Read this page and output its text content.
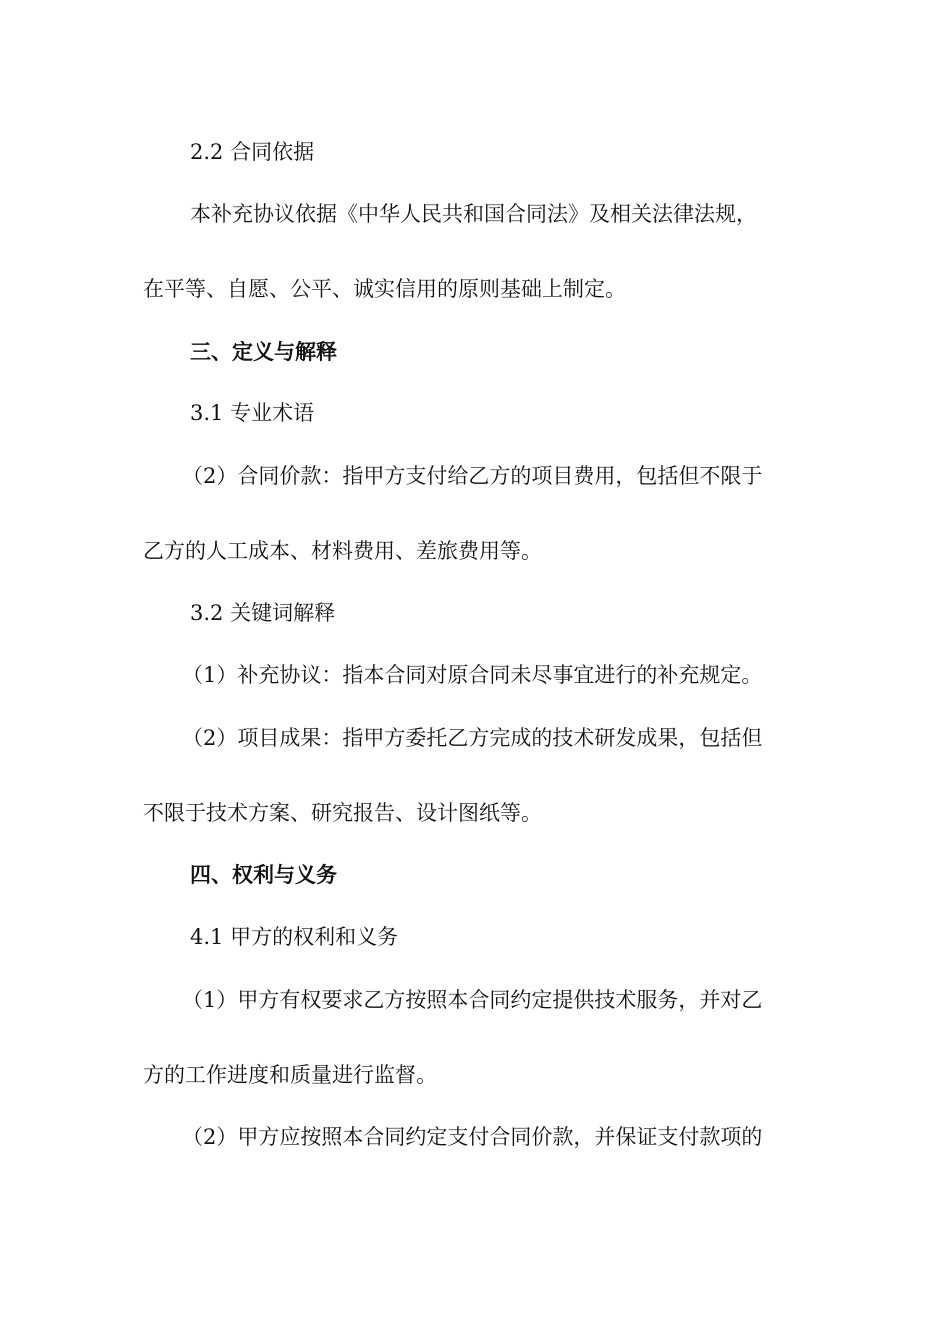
2.2 合同依据

本补充协议依据《中华人民共和国合同法》及相关法律法规，

在平等、自愿、公平、诚实信用的原则基础上制定。

三、定义与解释

3.1 专业术语

（2）合同价款：指甲方支付给乙方的项目费用，包括但不限于

乙方的人工成本、材料费用、差旅费用等。

3.2 关键词解释

（1）补充协议：指本合同对原合同未尽事宜进行的补充规定。

（2）项目成果：指甲方委托乙方完成的技术研发成果，包括但

不限于技术方案、研究报告、设计图纸等。

四、权利与义务

4.1 甲方的权利和义务

（1）甲方有权要求乙方按照本合同约定提供技术服务，并对乙

方的工作进度和质量进行监督。

（2）甲方应按照本合同约定支付合同价款，并保证支付款项的
